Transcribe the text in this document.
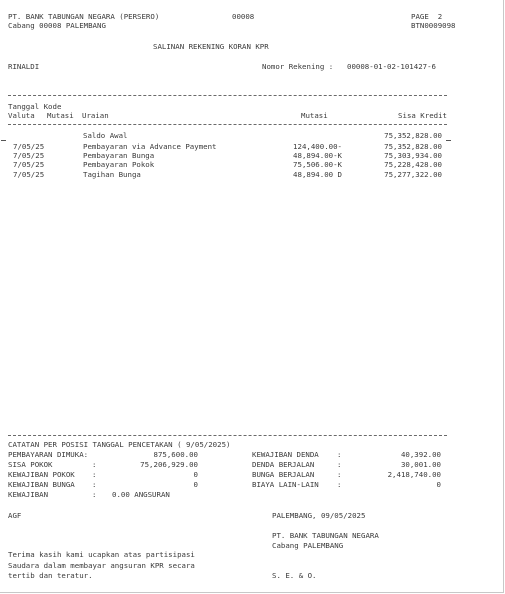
PT. BANK TABUNGAN NEGARA (PERSERO)	00008	PAGE  2
Cabang 00008 PALEMBANG	BTN0009098
SALINAN REKENING KORAN KPR
RINALDI	Nomor Rekening : 00008-01-02-101427-6
Tanggal Kode
Valuta Mutasi Uraian	Mutasi	Sisa Kredit
Saldo Awal	75,352,828.00
7/05/25	Pembayaran via Advance Payment	124,400.00-	75,352,828.00
7/05/25	Pembayaran Bunga	48,894.00-K	75,303,934.00
7/05/25	Pembayaran Pokok	75,506.00-K	75,228,428.00
7/05/25	Tagihan Bunga	48,894.00 D	75,277,322.00
CATATAN PER POSISI TANGGAL PENCETAKAN ( 9/05/2025)
PEMBAYARAN DIMUKA:	875,600.00
SISA POKOK	:	75,206,929.00
KEWAJIBAN POKOK :	0
KEWAJIBAN BUNGA :	0
KEWAJIBAN	: 0.00 ANGSURAN
KEWAJIBAN DENDA :	40,392.00
DENDA BERJALAN	:	30,001.00
BUNGA BERJALAN	:	2,418,740.00
BIAYA LAIN-LAIN :	0
AGF	PALEMBANG, 09/05/2025
PT. BANK TABUNGAN NEGARA
Cabang PALEMBANG
Terima kasih kami ucapkan atas partisipasi
Saudara dalam membayar angsuran KPR secara
tertib dan teratur.	S. E. & O.
